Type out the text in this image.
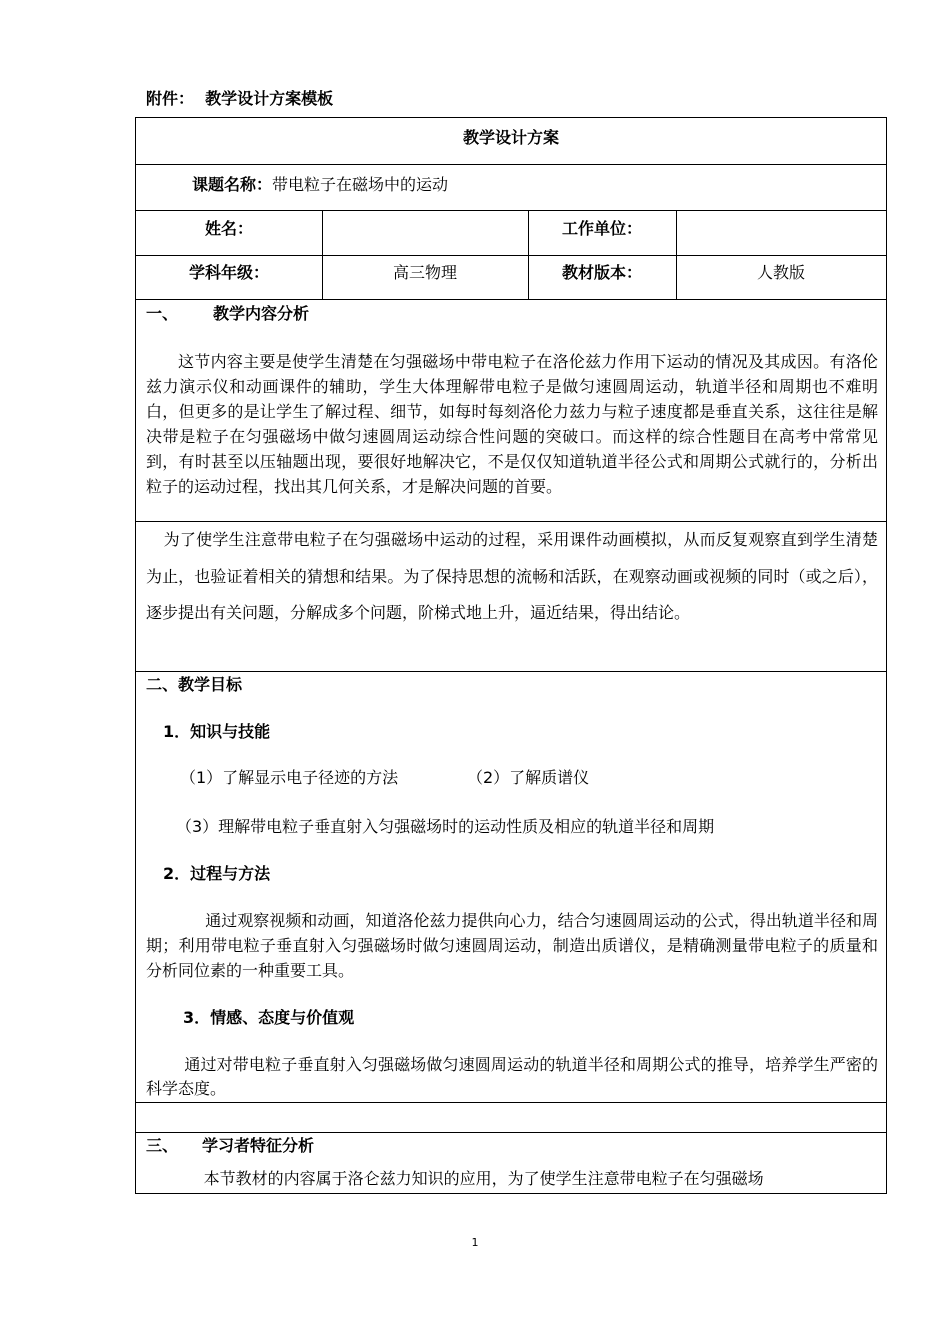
附件：  教学设计方案模板
教学设计方案
课题名称：带电粒子在磁场中的运动
姓名：	工作单位：
学科年级：	高三物理	教材版本：	人教版
一、 教学内容分析
这节内容主要是使学生清楚在匀强磁场中带电粒子在洛伦兹力作用下运动的情况及其成因。有洛伦兹力演示仪和动画课件的辅助，学生大体理解带电粒子是做匀速圆周运动，轨道半径和周期也不难明白，但更多的是让学生了解过程、细节，如每时每刻洛伦力兹力与粒子速度都是垂直关系，这往往是解决带是粒子在匀强磁场中做匀速圆周运动综合性问题的突破口。而这样的综合性题目在高考中常常见到，有时甚至以压轴题出现，要很好地解决它，不是仅仅知道轨道半径公式和周期公式就行的，分析出粒子的运动过程，找出其几何关系，才是解决问题的首要。
为了使学生注意带电粒子在匀强磁场中运动的过程，采用课件动画模拟，从而反复观察直到学生清楚为止，也验证着相关的猜想和结果。为了保持思想的流畅和活跃，在观察动画或视频的同时（或之后），逐步提出有关问题，分解成多个问题，阶梯式地上升，逼近结果，得出结论。
二、教学目标
1．知识与技能
（1）了解显示电子径迹的方法	（2）了解质谱仪
（3）理解带电粒子垂直射入匀强磁场时的运动性质及相应的轨道半径和周期
2．过程与方法
通过观察视频和动画，知道洛伦兹力提供向心力，结合匀速圆周运动的公式，得出轨道半径和周期；利用带电粒子垂直射入匀强磁场时做匀速圆周运动，制造出质谱仪，是精确测量带电粒子的质量和分析同位素的一种重要工具。
3．情感、态度与价值观
通过对带电粒子垂直射入匀强磁场做匀速圆周运动的轨道半径和周期公式的推导，培养学生严密的科学态度。
三、 学习者特征分析
本节教材的内容属于洛仑兹力知识的应用，为了使学生注意带电粒子在匀强磁场
1
